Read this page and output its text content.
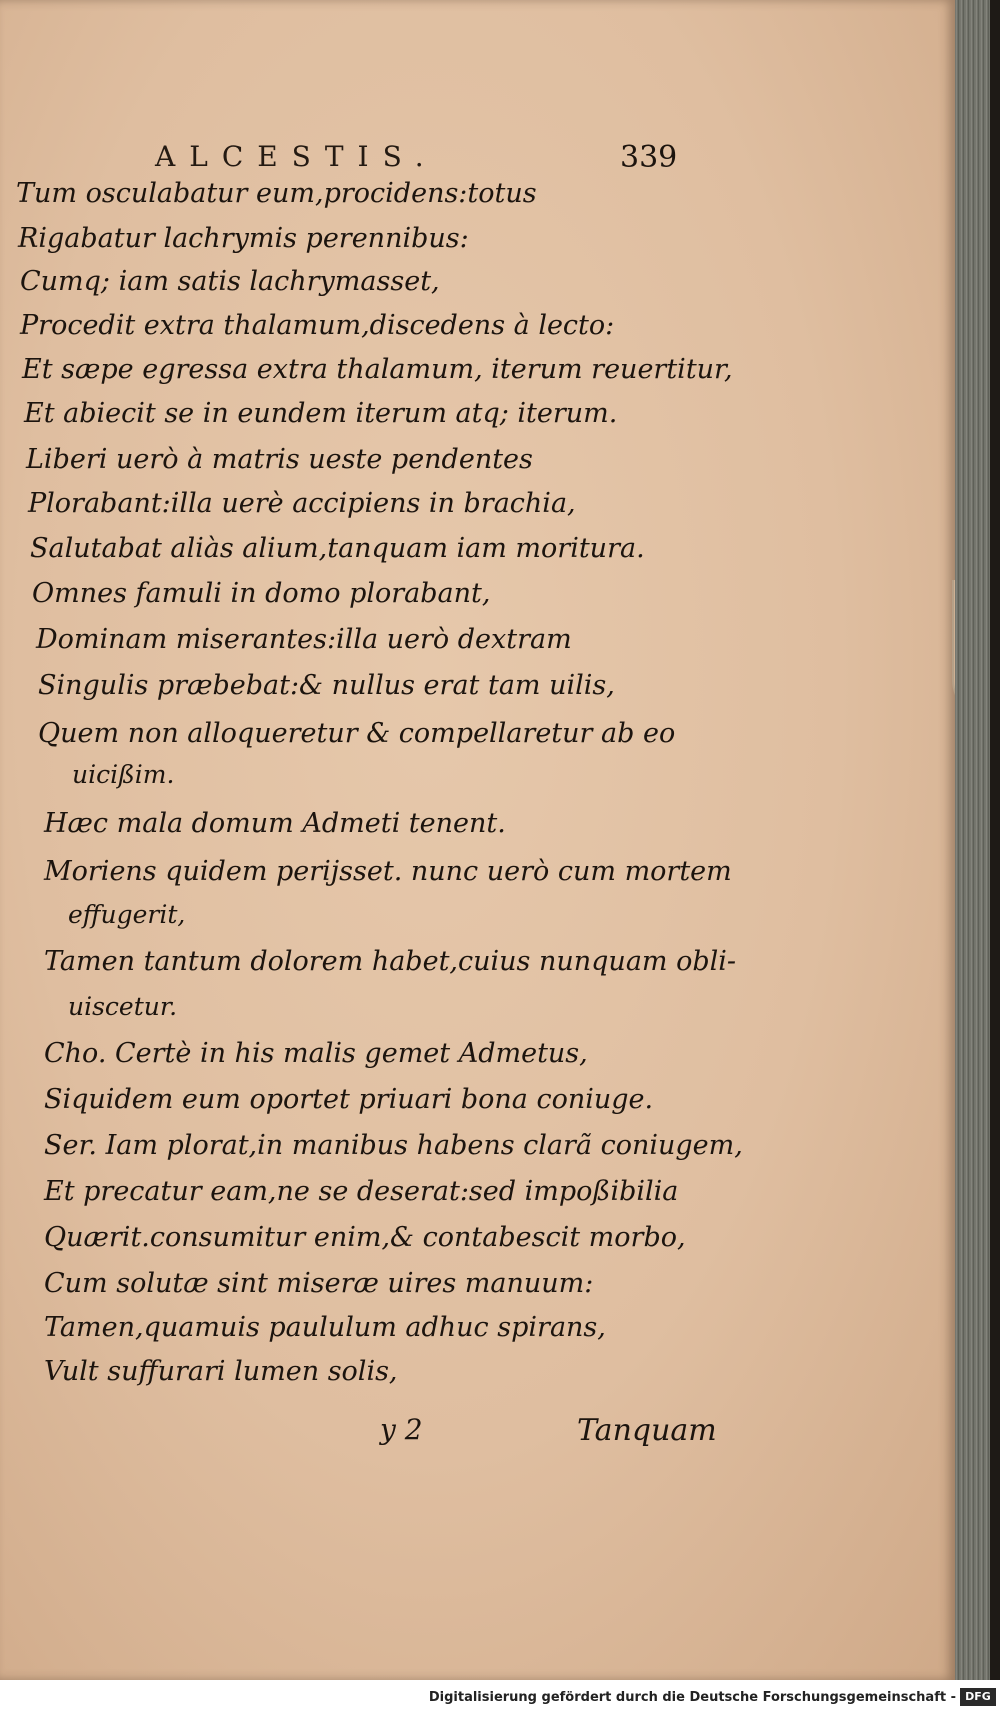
ALCESTIS.	339
Tum osculabatur eum,procidens:totus
Rigabatur lachrymis perennibus:
Cumq; iam satis lachrymasset,
Procedit extra thalamum,discedens à lecto:
Et sæpe egressa extra thalamum, iterum reuertitur,
Et abiecit se in eundem iterum atq; iterum.
Liberi uerò à matris ueste pendentes
Plorabant:illa uerè accipiens in brachia,
Salutabat aliàs alium,tanquam iam moritura.
Omnes famuli in domo plorabant,
Dominam miserantes:illa uerò dextram
Singulis præbebat:& nullus erat tam uilis,
Quem non alloqueretur & compellaretur ab eo
uicißim.
Hæc mala domum Admeti tenent.
Moriens quidem perijsset. nunc uerò cum mortem
effugerit,
Tamen tantum dolorem habet,cuius nunquam obli-
uiscetur.
Cho. Certè in his malis gemet Admetus,
Siquidem eum oportet priuari bona coniuge.
Ser. Iam plorat,in manibus habens clarã coniugem,
Et precatur eam,ne se deserat:sed impoßibilia
Quærit.consumitur enim,& contabescit morbo,
Cum solutæ sint miseræ uires manuum:
Tamen,quamuis paululum adhuc spirans,
Vult suffurari lumen solis,
y 2	Tanquam
Digitalisierung gefördert durch die Deutsche Forschungsgemeinschaft - DFG
